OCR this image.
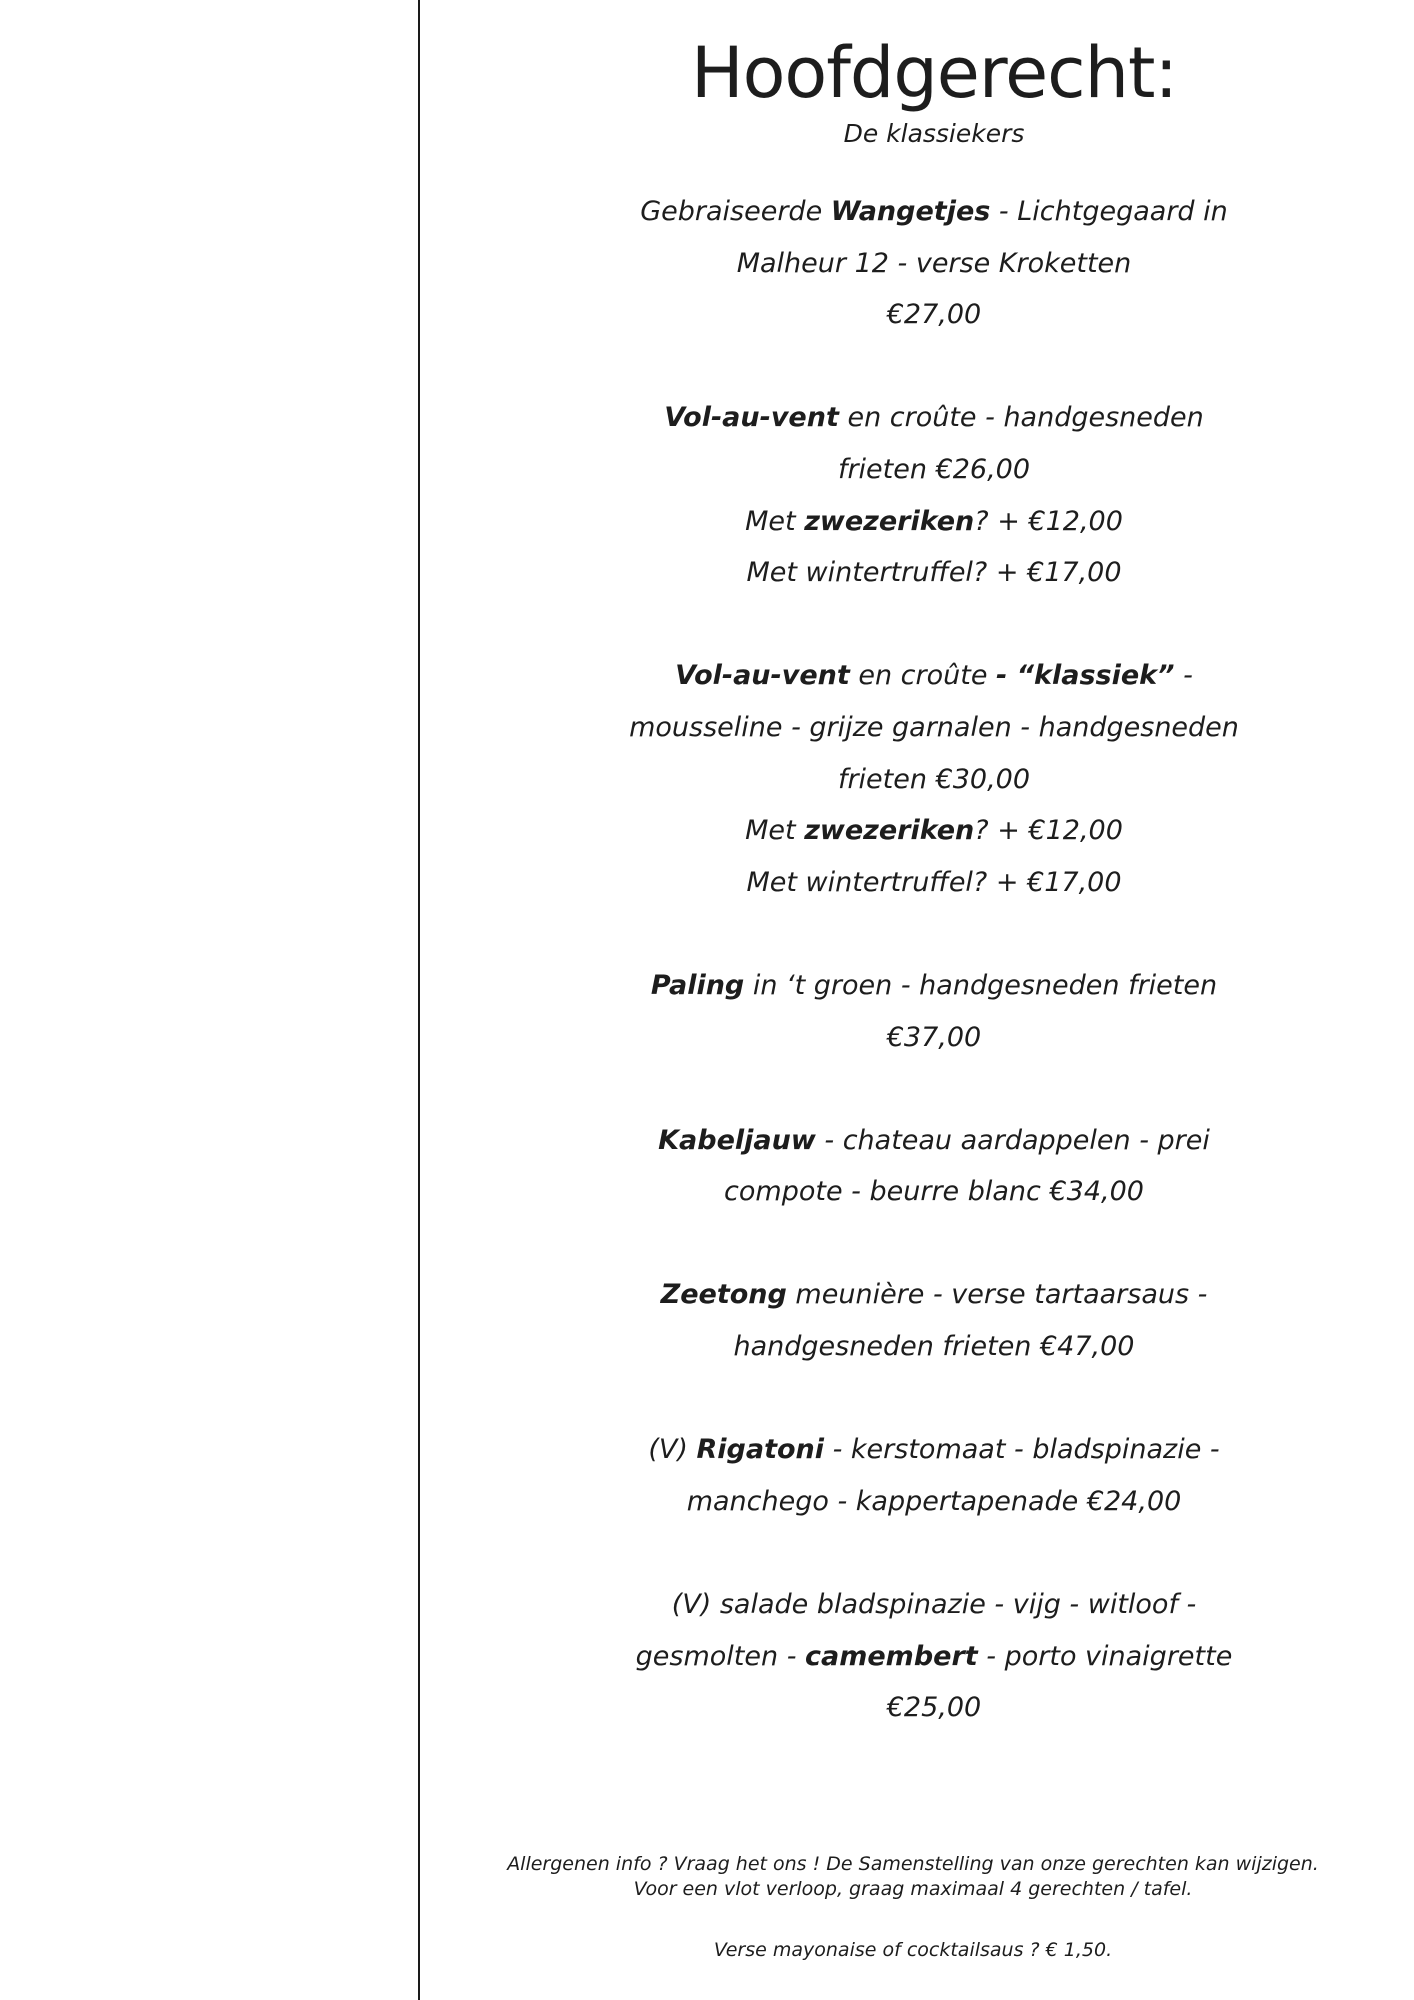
Hoofdgerecht:
De klassiekers
Gebraiseerde Wangetjes - Lichtgegaard in
Malheur 12 - verse Kroketten
€27,00
Vol-au-vent en croûte - handgesneden
frieten €26,00
Met zwezeriken? + €12,00
Met wintertruffel? + €17,00
Vol-au-vent en croûte - “klassiek” -
mousseline - grijze garnalen - handgesneden
frieten €30,00
Met zwezeriken? + €12,00
Met wintertruffel? + €17,00
Paling in ‘t groen - handgesneden frieten
€37,00
Kabeljauw - chateau aardappelen - prei
compote - beurre blanc €34,00
Zeetong meunière - verse tartaarsaus -
handgesneden frieten €47,00
(V) Rigatoni - kerstomaat - bladspinazie -
manchego - kappertapenade €24,00
(V) salade bladspinazie - vijg - witloof -
gesmolten - camembert - porto vinaigrette
€25,00
Allergenen info ? Vraag het ons ! De Samenstelling van onze gerechten kan wijzigen.
Voor een vlot verloop, graag maximaal 4 gerechten / tafel.
Verse mayonaise of cocktailsaus ? € 1,50.
